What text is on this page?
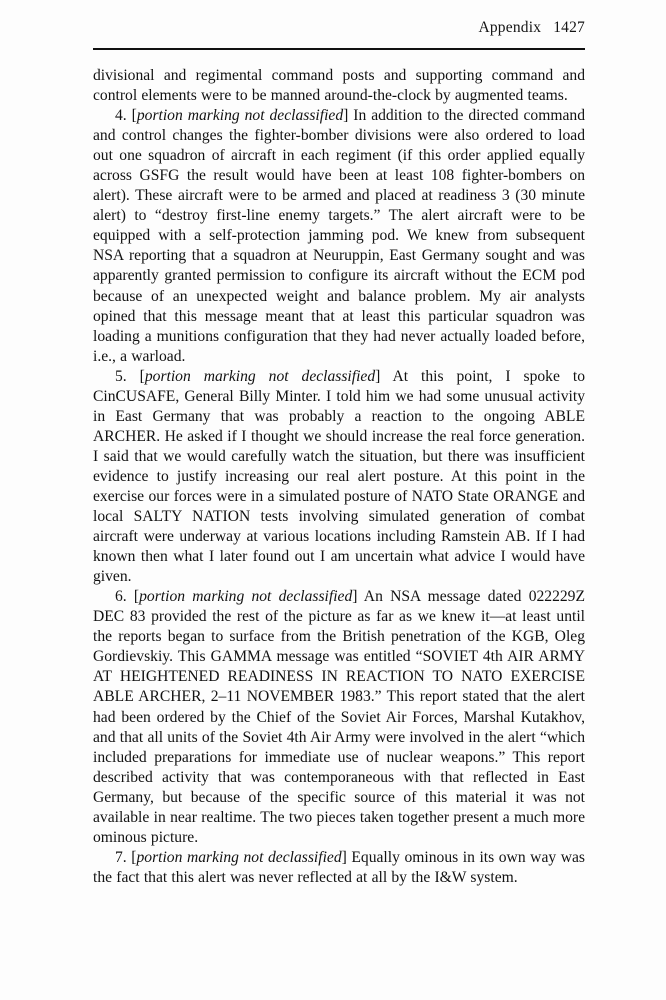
Appendix 1427

divisional and regimental command posts and supporting command and control elements were to be manned around-the-clock by augmented teams.

4. [portion marking not declassified] In addition to the directed command and control changes the fighter-bomber divisions were also ordered to load out one squadron of aircraft in each regiment (if this order applied equally across GSFG the result would have been at least 108 fighter-bombers on alert). These aircraft were to be armed and placed at readiness 3 (30 minute alert) to “destroy first-line enemy targets.” The alert aircraft were to be equipped with a self-protection jamming pod. We knew from subsequent NSA reporting that a squadron at Neuruppin, East Germany sought and was apparently granted permission to configure its aircraft without the ECM pod because of an unexpected weight and balance problem. My air analysts opined that this message meant that at least this particular squadron was loading a munitions configuration that they had never actually loaded before, i.e., a warload.

5. [portion marking not declassified] At this point, I spoke to CinCUSAFE, General Billy Minter. I told him we had some unusual activity in East Germany that was probably a reaction to the ongoing ABLE ARCHER. He asked if I thought we should increase the real force generation. I said that we would carefully watch the situation, but there was insufficient evidence to justify increasing our real alert posture. At this point in the exercise our forces were in a simulated posture of NATO State ORANGE and local SALTY NATION tests involving simulated generation of combat aircraft were underway at various locations including Ramstein AB. If I had known then what I later found out I am uncertain what advice I would have given.

6. [portion marking not declassified] An NSA message dated 022229Z DEC 83 provided the rest of the picture as far as we knew it—at least until the reports began to surface from the British penetration of the KGB, Oleg Gordievskiy. This GAMMA message was entitled “SOVIET 4th AIR ARMY AT HEIGHTENED READINESS IN REACTION TO NATO EXERCISE ABLE ARCHER, 2–11 NOVEMBER 1983.” This report stated that the alert had been ordered by the Chief of the Soviet Air Forces, Marshal Kutakhov, and that all units of the Soviet 4th Air Army were involved in the alert “which included preparations for immediate use of nuclear weapons.” This report described activity that was contemporaneous with that reflected in East Germany, but because of the specific source of this material it was not available in near realtime. The two pieces taken together present a much more ominous picture.

7. [portion marking not declassified] Equally ominous in its own way was the fact that this alert was never reflected at all by the I&W system.
